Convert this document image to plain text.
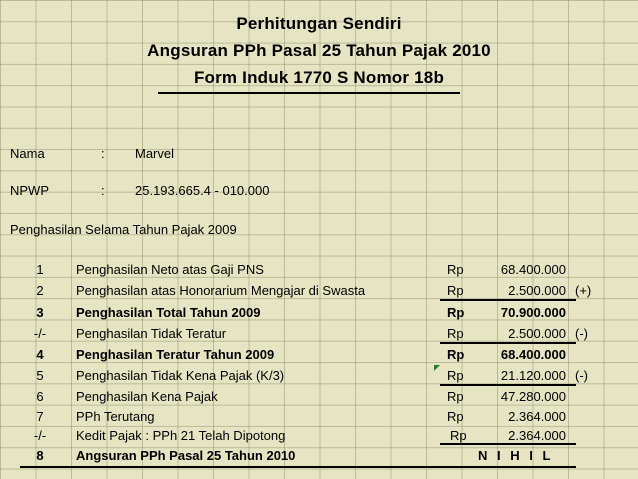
Perhitungan Sendiri
Angsuran PPh Pasal 25 Tahun Pajak 2010
Form Induk 1770 S Nomor 18b
Nama	: Marvel
NPWP	: 25.193.665.4 - 010.000
Penghasilan Selama Tahun Pajak 2009
1	Penghasilan Neto atas Gaji PNS	Rp	68.400.000
2	Penghasilan atas Honorarium Mengajar di Swasta	Rp	2.500.000 (+)
3	Penghasilan Total Tahun 2009	Rp	70.900.000
-/- Penghasilan Tidak Teratur	Rp	2.500.000 (-)
4	Penghasilan Teratur Tahun 2009	Rp	68.400.000
5	Penghasilan Tidak Kena Pajak (K/3)	Rp	21.120.000 (-)
6	Penghasilan Kena Pajak	Rp	47.280.000
7	PPh Terutang	Rp	2.364.000
-/- Kedit Pajak : PPh 21 Telah Dipotong	Rp	2.364.000
8	Angsuran PPh Pasal 25 Tahun 2010	N I H I L
